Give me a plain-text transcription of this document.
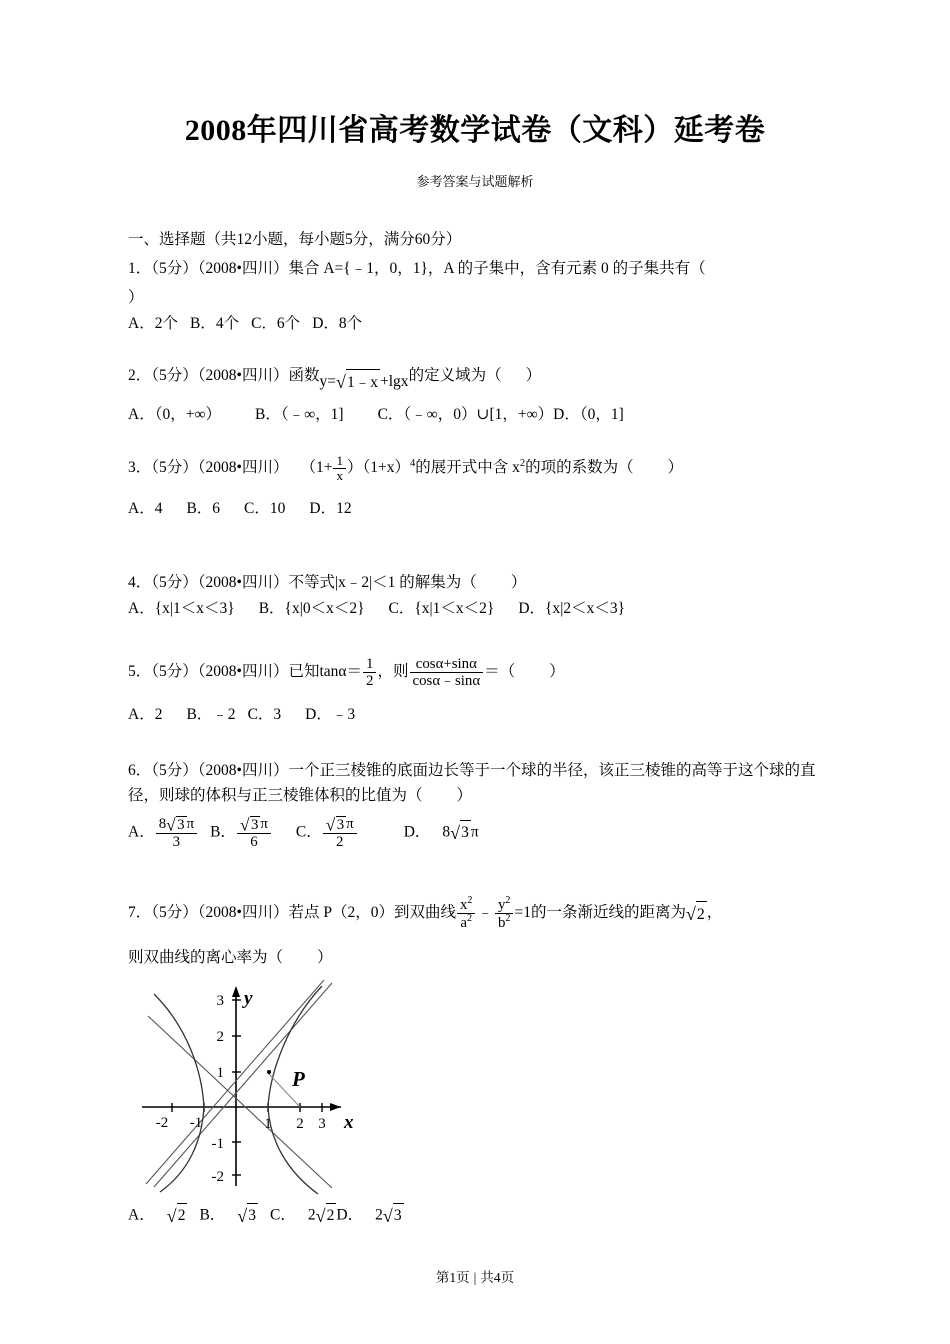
2008年四川省高考数学试卷（文科）延考卷
参考答案与试题解析
一、选择题（共12小题，每小题5分，满分60分）
1．（5分）（2008•四川）集合 A={﹣1，0，1}，A 的子集中，含有元素 0 的子集共有（
）
A．2个 B．4个 C．6个 D．8个
2．（5分）（2008•四川）函数y= √ 1﹣x +lgx的定义域为（ ）
A．（0，+∞） B．（﹣∞，1] C．（﹣∞，0）∪[1，+∞）D．（0，1]
3．（5分）（2008•四川） $(1+ \frac{1}{x} )(1+x)^4$的展开式中含 $x^2$的项的系数为（ ）
A．4 B．6 C．10 D．12
4．（5分）（2008•四川）不等式|x﹣2|＜1 的解集为（ ）
A．{x|1＜x＜3} B．{x|0＜x＜2} C．{x|1＜x＜2} D．{x|2＜x＜3}
5．（5分）（2008•四川）已知$\tan\alpha= \frac{1}{2}$ ，则 $\frac{\cos\alpha+\sin\alpha}{\cos\alpha﹣\sin\alpha}$ ＝（ ）
A．2 B．﹣2 C．3 D．﹣3
6．（5分）（2008•四川）一个正三棱锥的底面边长等于一个球的半径，该正三棱锥的高等于这个球的直径，则球的体积与正三棱锥体积的比值为（ ）
A． $\frac{8 √ 3 \pi}{3}$ B． $\frac{√ 3 \pi}{6}$ C． $\frac{√ 3 \pi}{2}$	D． 8 √ 3 π
7．（5分）（2008•四川）若点 P（2，0）到双曲线 $\frac{x^2}{a^2}$ ﹣ $\frac{y^2}{b^2} =1$的一条渐近线的距离为 √ 2 ，
则双曲线的离心率为（ ）
-2 -1	1 2 3
3
2
1
-1
-2
y
x
P
A． √ 2 B． √ 3 C． 2 √ 2 D． 2 √ 3
第1页 | 共4页
